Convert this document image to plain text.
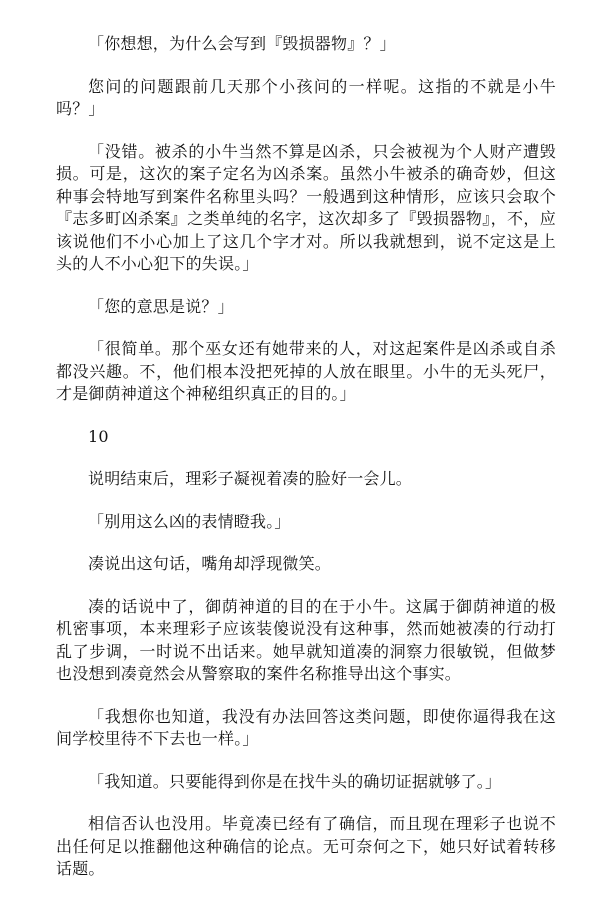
「你想想，为什么会写到『毁损器物』？」

您问的问题跟前几天那个小孩问的一样呢。这指的不就是小牛吗？」

「没错。被杀的小牛当然不算是凶杀，只会被视为个人财产遭毁损。可是，这次的案子定名为凶杀案。虽然小牛被杀的确奇妙，但这种事会特地写到案件名称里头吗？一般遇到这种情形，应该只会取个『志多町凶杀案』之类单纯的名字，这次却多了『毁损器物』，不，应该说他们不小心加上了这几个字才对。所以我就想到，说不定这是上头的人不小心犯下的失误。」

「您的意思是说？」

「很简单。那个巫女还有她带来的人，对这起案件是凶杀或自杀都没兴趣。不，他们根本没把死掉的人放在眼里。小牛的无头死尸，才是御荫神道这个神秘组织真正的目的。」

10

说明结束后，理彩子凝视着凑的脸好一会儿。

「别用这么凶的表情瞪我。」

凑说出这句话，嘴角却浮现微笑。

凑的话说中了，御荫神道的目的在于小牛。这属于御荫神道的极机密事项，本来理彩子应该装傻说没有这种事，然而她被凑的行动打乱了步调，一时说不出话来。她早就知道凑的洞察力很敏锐，但做梦也没想到凑竟然会从警察取的案件名称推导出这个事实。

「我想你也知道，我没有办法回答这类问题，即使你逼得我在这间学校里待不下去也一样。」

「我知道。只要能得到你是在找牛头的确切证据就够了。」

相信否认也没用。毕竟凑已经有了确信，而且现在理彩子也说不出任何足以推翻他这种确信的论点。无可奈何之下，她只好试着转移话题。
